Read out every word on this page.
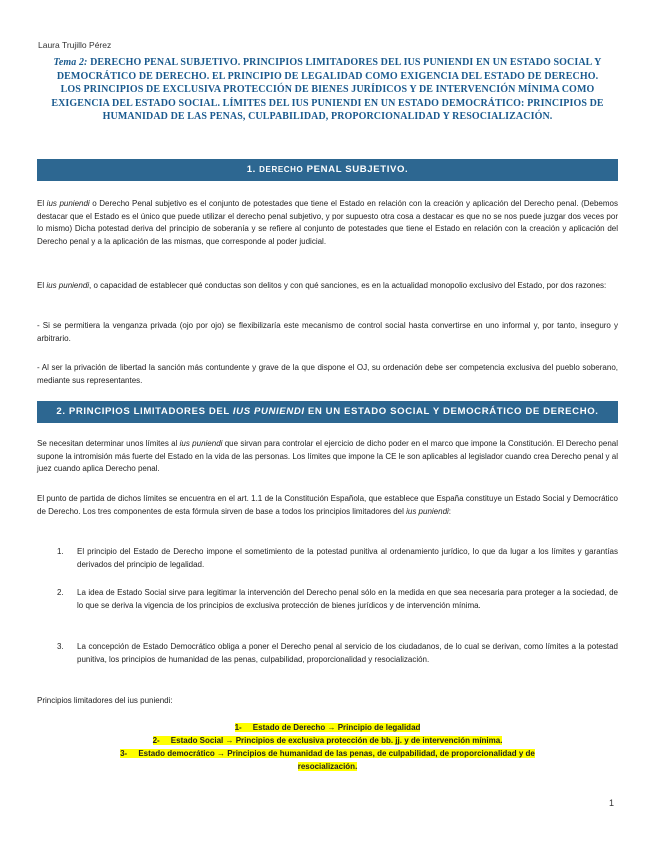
Laura Trujillo Pérez
Tema 2: DERECHO PENAL SUBJETIVO. PRINCIPIOS LIMITADORES DEL IUS PUNIENDI EN UN ESTADO SOCIAL Y DEMOCRÁTICO DE DERECHO. EL PRINCIPIO DE LEGALIDAD COMO EXIGENCIA DEL ESTADO DE DERECHO. LOS PRINCIPIOS DE EXCLUSIVA PROTECCIÓN DE BIENES JURÍDICOS Y DE INTERVENCIÓN MÍNIMA COMO EXIGENCIA DEL ESTADO SOCIAL. LÍMITES DEL IUS PUNIENDI EN UN ESTADO DEMOCRÁTICO: PRINCIPIOS DE HUMANIDAD DE LAS PENAS, CULPABILIDAD, PROPORCIONALIDAD Y RESOCIALIZACIÓN.
1. DERECHO PENAL SUBJETIVO.
El ius puniendi o Derecho Penal subjetivo es el conjunto de potestades que tiene el Estado en relación con la creación y aplicación del Derecho penal. (Debemos destacar que el Estado es el único que puede utilizar el derecho penal subjetivo, y por supuesto otra cosa a destacar es que no se nos puede juzgar dos veces por lo mismo) Dicha potestad deriva del principio de soberanía y se refiere al conjunto de potestades que tiene el Estado en relación con la creación y aplicación del Derecho penal y a la aplicación de las mismas, que corresponde al poder judicial.
El ius puniendi, o capacidad de establecer qué conductas son delitos y con qué sanciones, es en la actualidad monopolio exclusivo del Estado, por dos razones:
- Si se permitiera la venganza privada (ojo por ojo) se flexibilizaría este mecanismo de control social hasta convertirse en uno informal y, por tanto, inseguro y arbitrario.
- Al ser la privación de libertad la sanción más contundente y grave de la que dispone el OJ, su ordenación debe ser competencia exclusiva del pueblo soberano, mediante sus representantes.
2. PRINCIPIOS LIMITADORES DEL IUS PUNIENDI EN UN ESTADO SOCIAL Y DEMOCRÁTICO DE DERECHO.
Se necesitan determinar unos límites al ius puniendi que sirvan para controlar el ejercicio de dicho poder en el marco que impone la Constitución. El Derecho penal supone la intromisión más fuerte del Estado en la vida de las personas. Los límites que impone la CE le son aplicables al legislador cuando crea Derecho penal y al juez cuando aplica Derecho penal.
El punto de partida de dichos límites se encuentra en el art. 1.1 de la Constitución Española, que establece que España constituye un Estado Social y Democrático de Derecho. Los tres componentes de esta fórmula sirven de base a todos los principios limitadores del ius puniendi:
1. El principio del Estado de Derecho impone el sometimiento de la potestad punitiva al ordenamiento jurídico, lo que da lugar a los límites y garantías derivados del principio de legalidad.
2. La idea de Estado Social sirve para legitimar la intervención del Derecho penal sólo en la medida en que sea necesaria para proteger a la sociedad, de lo que se deriva la vigencia de los principios de exclusiva protección de bienes jurídicos y de intervención mínima.
3. La concepción de Estado Democrático obliga a poner el Derecho penal al servicio de los ciudadanos, de lo cual se derivan, como límites a la potestad punitiva, los principios de humanidad de las penas, culpabilidad, proporcionalidad y resocialización.
Principios limitadores del ius puniendi:
1-     Estado de Derecho → Principio de legalidad
2-     Estado Social → Principios de exclusiva protección de bb. jj. y de intervención mínima.
3-     Estado democrático → Principios de humanidad de las penas, de culpabilidad, de proporcionalidad y de
resocialización.
1
